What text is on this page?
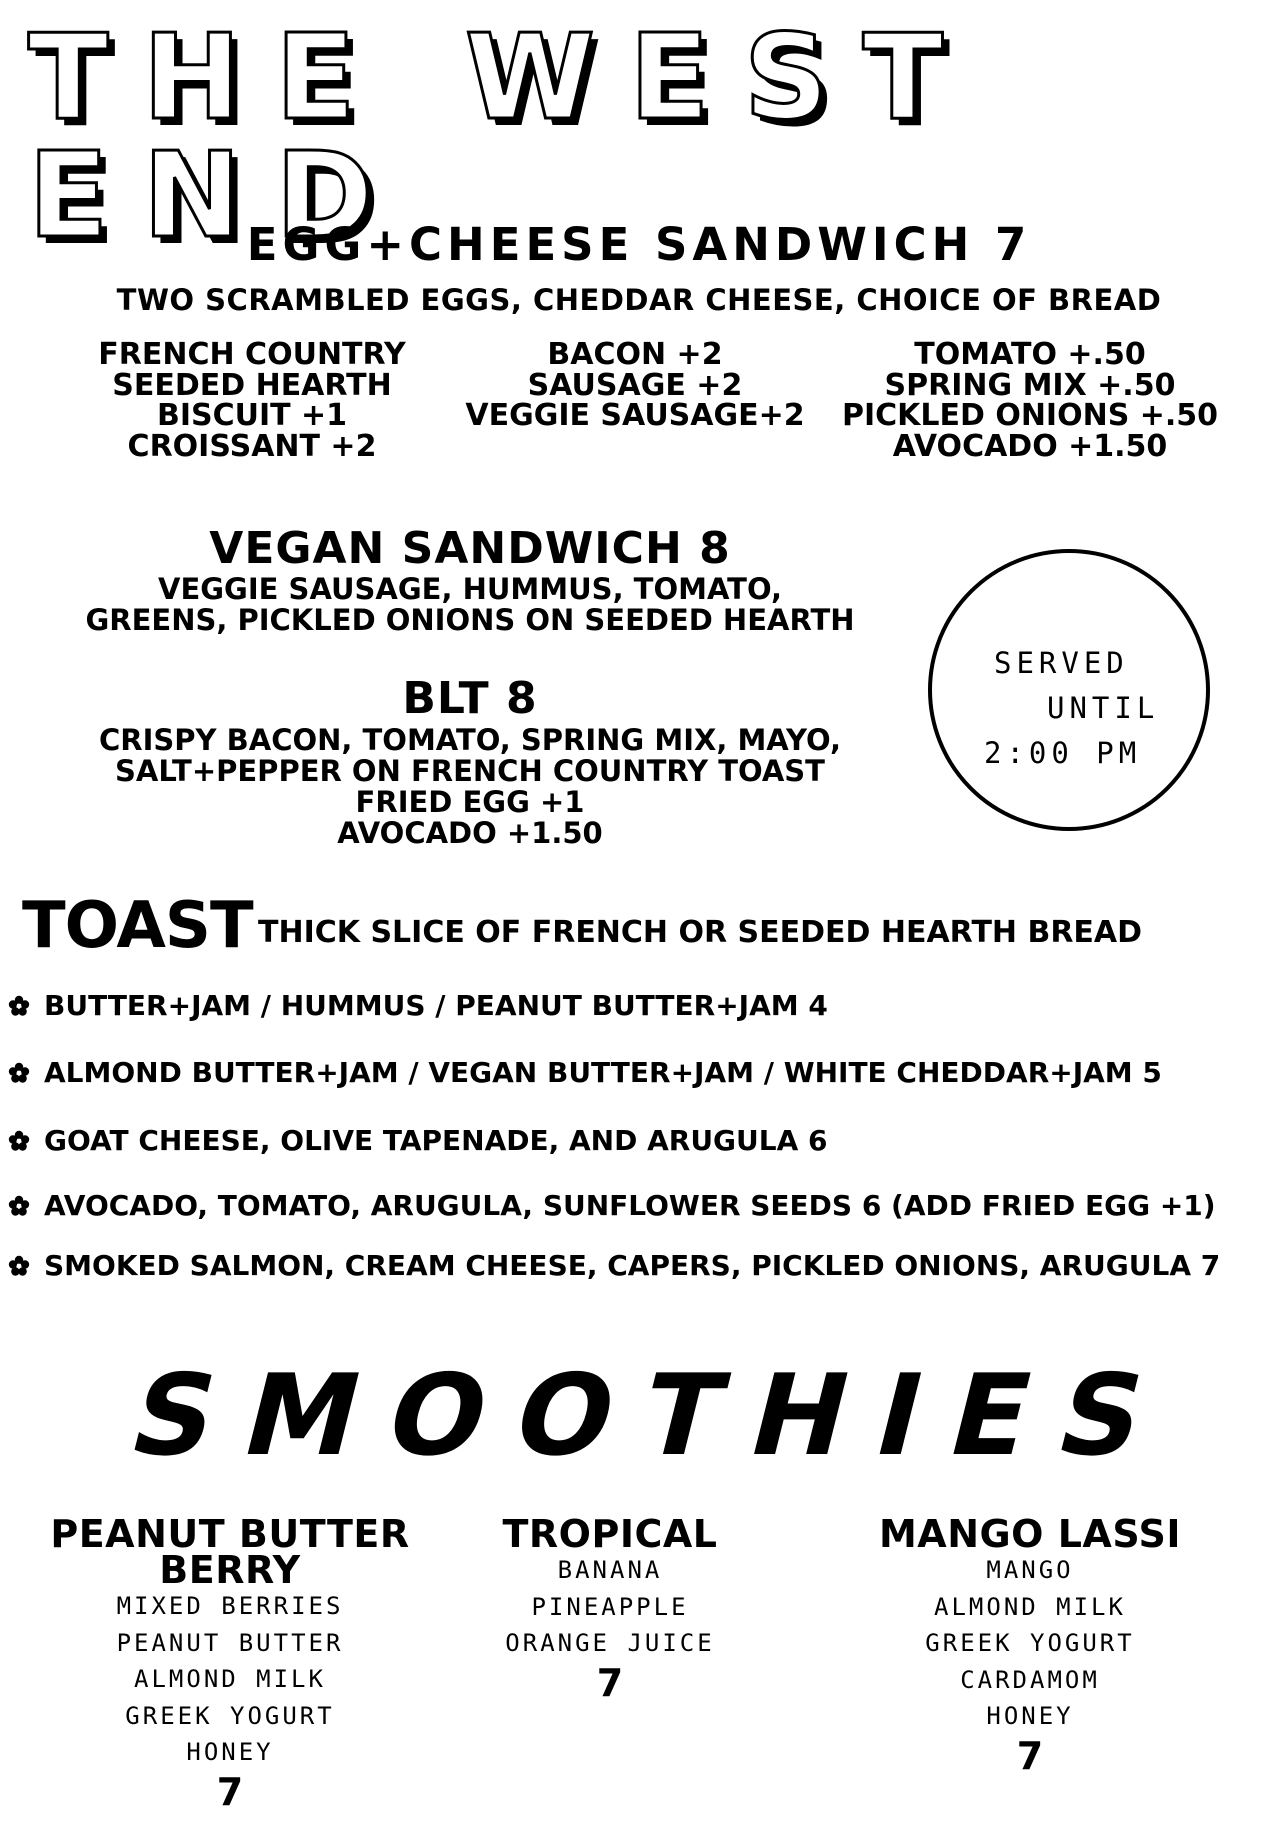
THE WEST END
EGG+CHEESE SANDWICH 7
TWO SCRAMBLED EGGS, CHEDDAR CHEESE, CHOICE OF BREAD
FRENCH COUNTRY
SEEDED HEARTH
BISCUIT +1
CROISSANT +2
BACON +2
SAUSAGE +2
VEGGIE SAUSAGE+2
TOMATO +.50
SPRING MIX +.50
PICKLED ONIONS +.50
AVOCADO +1.50
VEGAN SANDWICH 8
VEGGIE SAUSAGE, HUMMUS, TOMATO,
GREENS, PICKLED ONIONS ON SEEDED HEARTH
BLT 8
CRISPY BACON, TOMATO, SPRING MIX, MAYO,
SALT+PEPPER ON FRENCH COUNTRY TOAST
FRIED EGG +1
AVOCADO +1.50
SERVED
UNTIL
2:00 PM
TOAST THICK SLICE OF FRENCH OR SEEDED HEARTH BREAD
BUTTER+JAM / HUMMUS / PEANUT BUTTER+JAM 4
ALMOND BUTTER+JAM / VEGAN BUTTER+JAM / WHITE CHEDDAR+JAM 5
GOAT CHEESE, OLIVE TAPENADE, AND ARUGULA 6
AVOCADO, TOMATO, ARUGULA, SUNFLOWER SEEDS 6 (ADD FRIED EGG +1)
SMOKED SALMON, CREAM CHEESE, CAPERS, PICKLED ONIONS, ARUGULA 7
SMOOTHIES
PEANUT BUTTER
BERRY
MIXED BERRIES
PEANUT BUTTER
ALMOND MILK
GREEK YOGURT
HONEY
7
TROPICAL
BANANA
PINEAPPLE
ORANGE JUICE
7
MANGO LASSI
MANGO
ALMOND MILK
GREEK YOGURT
CARDAMOM
HONEY
7
